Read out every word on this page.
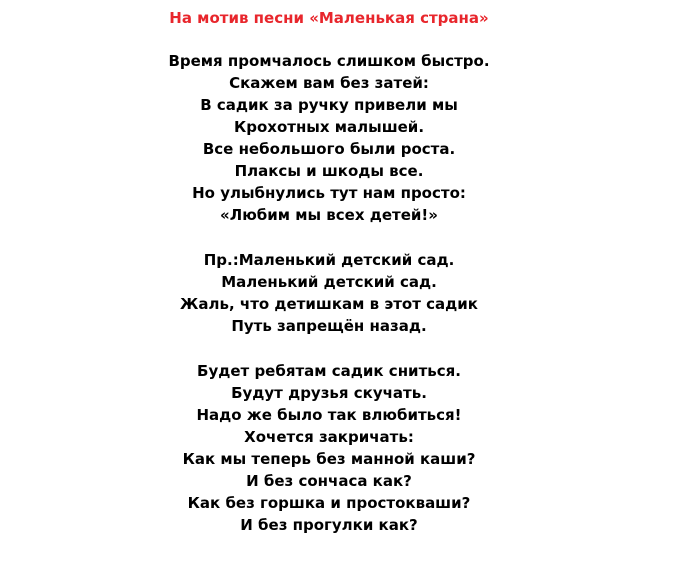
На мотив песни «Маленькая страна»
Время промчалось слишком быстро.
Скажем вам без затей:
В садик за ручку привели мы
Крохотных малышей.
Все небольшого были роста.
Плаксы и шкоды все.
Но улыбнулись тут нам просто:
«Любим мы всех детей!»
Пр.:Маленький детский сад.
Маленький детский сад.
Жаль, что детишкам в этот садик
Путь запрещён назад.
Будет ребятам садик сниться.
Будут друзья скучать.
Надо же было так влюбиться!
Хочется закричать:
Как мы теперь без манной каши?
И без сончаса как?
Как без горшка и простокваши?
И без прогулки как?
